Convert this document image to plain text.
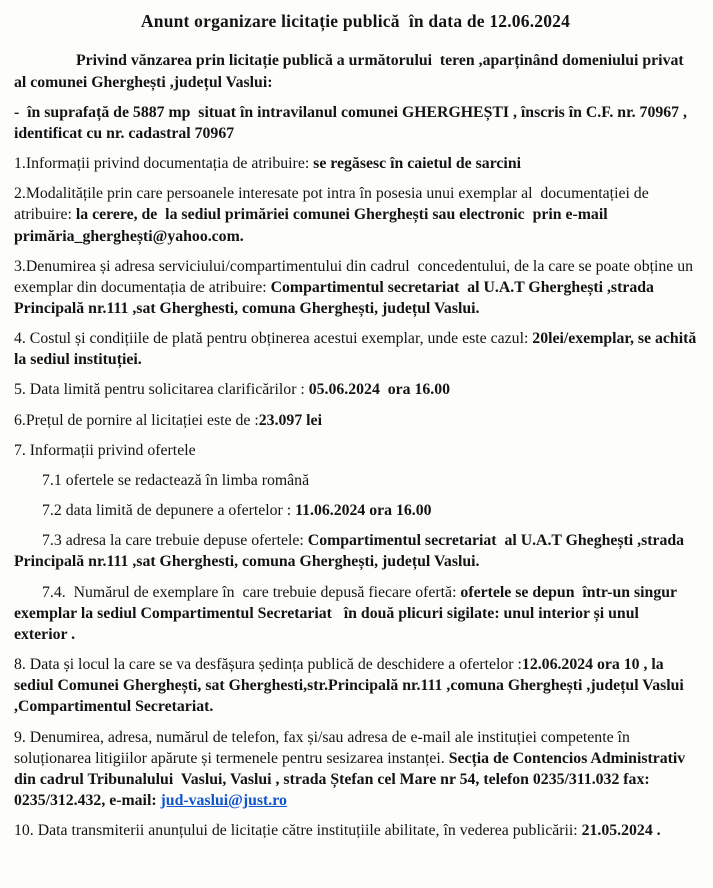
Anunt organizare licitație publică  în data de 12.06.2024

Privind vănzarea prin licitație publică a următorului  teren ,aparținând domeniului privat  al comunei Gherghești ,județul Vaslui:

-  în suprafață de 5887 mp  situat în intravilanul comunei GHERGHEȘTI , înscris în C.F. nr. 70967 , identificat cu nr. cadastral 70967

1.Informații privind documentația de atribuire: se regăsesc în caietul de sarcini

2.Modalitățile prin care persoanele interesate pot intra în posesia unui exemplar al  documentației de atribuire: la cerere, de  la sediul primăriei comunei Gherghești sau electronic  prin e-mail primăria_gherghești@yahoo.com.

3.Denumirea și adresa serviciului/compartimentului din cadrul  concedentului, de la care se poate obține un exemplar din documentația de atribuire: Compartimentul secretariat  al U.A.T Gherghești ,strada Principală nr.111 ,sat Gherghesti, comuna Gherghești, județul Vaslui.

4. Costul și condițiile de plată pentru obținerea acestui exemplar, unde este cazul: 20lei/exemplar, se achită la sediul instituției.

5. Data limită pentru solicitarea clarificărilor : 05.06.2024  ora 16.00

6.Prețul de pornire al licitației este de :23.097 lei

7. Informații privind ofertele

7.1 ofertele se redactează în limba română

7.2 data limită de depunere a ofertelor : 11.06.2024 ora 16.00

7.3 adresa la care trebuie depuse ofertele: Compartimentul secretariat  al U.A.T Gheghești ,strada Principală nr.111 ,sat Gherghesti, comuna Gherghești, județul Vaslui.

7.4.  Numărul de exemplare în  care trebuie depusă fiecare ofertă: ofertele se depun  într-un singur exemplar la sediul Compartimentul Secretariat   în două plicuri sigilate: unul interior și unul  exterior .

8. Data și locul la care se va desfășura ședința publică de deschidere a ofertelor :12.06.2024 ora 10 , la sediul Comunei Gherghești, sat Gherghesti,str.Principală nr.111 ,comuna Gherghești ,județul Vaslui ,Compartimentul Secretariat.

9. Denumirea, adresa, numărul de telefon, fax și/sau adresa de e-mail ale instituției competente în soluționarea litigiilor apărute și termenele pentru sesizarea instanței. Secția de Contencios Administrativ din cadrul Tribunalului  Vaslui, Vaslui , strada Ștefan cel Mare nr 54, telefon 0235/311.032 fax: 0235/312.432, e-mail: jud-vaslui@just.ro

10. Data transmiterii anunțului de licitație către instituțiile abilitate, în vederea publicării: 21.05.2024 .
